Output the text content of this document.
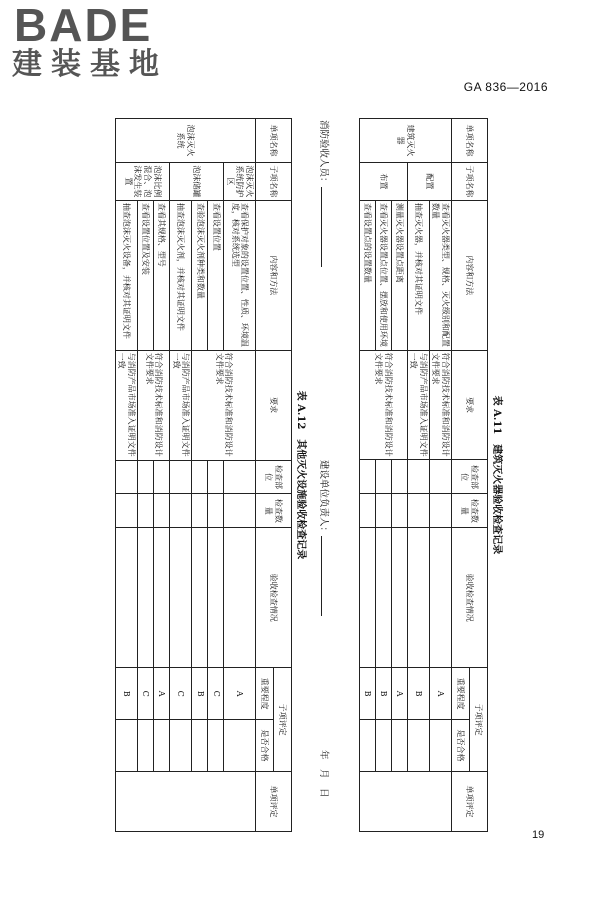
BADE
建装基地
GA 836—2016
19
表 A.11　建筑灭火器验收检查记录
单项名称	子项名称	内容和方法	要求	检查部位	检查数量	验收检查情况	子项评定		单项评定
							重要程度	是否合格	
建筑灭火器	配置	查看灭火器类型、规格、灭火级别和配置数量	符合消防技术标准和消防设计文件要求				A		
		抽查灭火器，并核对其证明文件	与消防产品市场准入证明文件一致				B		
	布置	测量灭火器设置点距离	符合消防技术标准和消防设计文件要求				A		
		查看灭火器设置点位置、摆放和使用环境					B		
		查看设置点的设置数量					B		
消防验收人员：
建设单位负责人：
年　月　日
表 A.12　其他灭火设施验收检查记录
单项名称	子项名称	内容和方法	要求	检查部位	检查数量	验收检查情况	子项评定		单项评定
							重要程度	是否合格	
泡沫灭火系统	泡沫灭火系统防护区	查看保护对象的设置位置、性质、环境温度，核对系统选型	符合消防技术标准和消防设计文件要求				A		
	泡沫储罐	查看设置位置					C		
		查验泡沫灭火剂种类和数量					B		
		抽查泡沫灭火剂，并核对其证明文件	与消防产品市场准入证明文件一致				C		
	泡沫比例混合、泡沫发生装置	查看其规格、型号	符合消防技术标准和消防设计文件要求				A		
		查看设置位置及安装					C		
		抽查泡沫灭火设备，并核对其证明文件	与消防产品市场准入证明文件一致				B		
